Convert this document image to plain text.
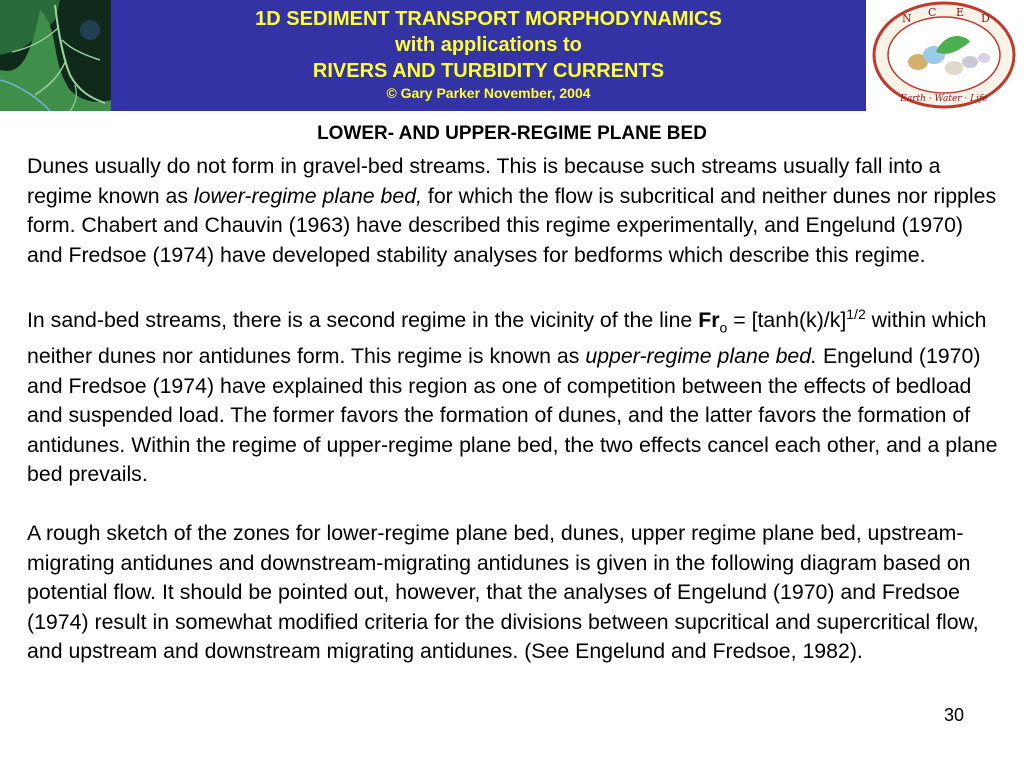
1D SEDIMENT TRANSPORT MORPHODYNAMICS
with applications to
RIVERS AND TURBIDITY CURRENTS
© Gary Parker November, 2004
N C E D
Earth · Water · Life
LOWER- AND UPPER-REGIME PLANE BED

Dunes usually do not form in gravel-bed streams. This is because such streams usually fall into a regime known as lower-regime plane bed, for which the flow is subcritical and neither dunes nor ripples form. Chabert and Chauvin (1963) have described this regime experimentally, and Engelund (1970) and Fredsoe (1974) have developed stability analyses for bedforms which describe this regime.

In sand-bed streams, there is a second regime in the vicinity of the line $Fr_o = [\tanh(k)/k]^{1/2}$ within which neither dunes nor antidunes form. This regime is known as upper-regime plane bed. Engelund (1970) and Fredsoe (1974) have explained this region as one of competition between the effects of bedload and suspended load. The former favors the formation of dunes, and the latter favors the formation of antidunes. Within the regime of upper-regime plane bed, the two effects cancel each other, and a plane bed prevails.

A rough sketch of the zones for lower-regime plane bed, dunes, upper regime plane bed, upstream-migrating antidunes and downstream-migrating antidunes is given in the following diagram based on potential flow. It should be pointed out, however, that the analyses of Engelund (1970) and Fredsoe (1974) result in somewhat modified criteria for the divisions between supcritical and supercritical flow, and upstream and downstream migrating antidunes. (See Engelund and Fredsoe, 1982).

30
